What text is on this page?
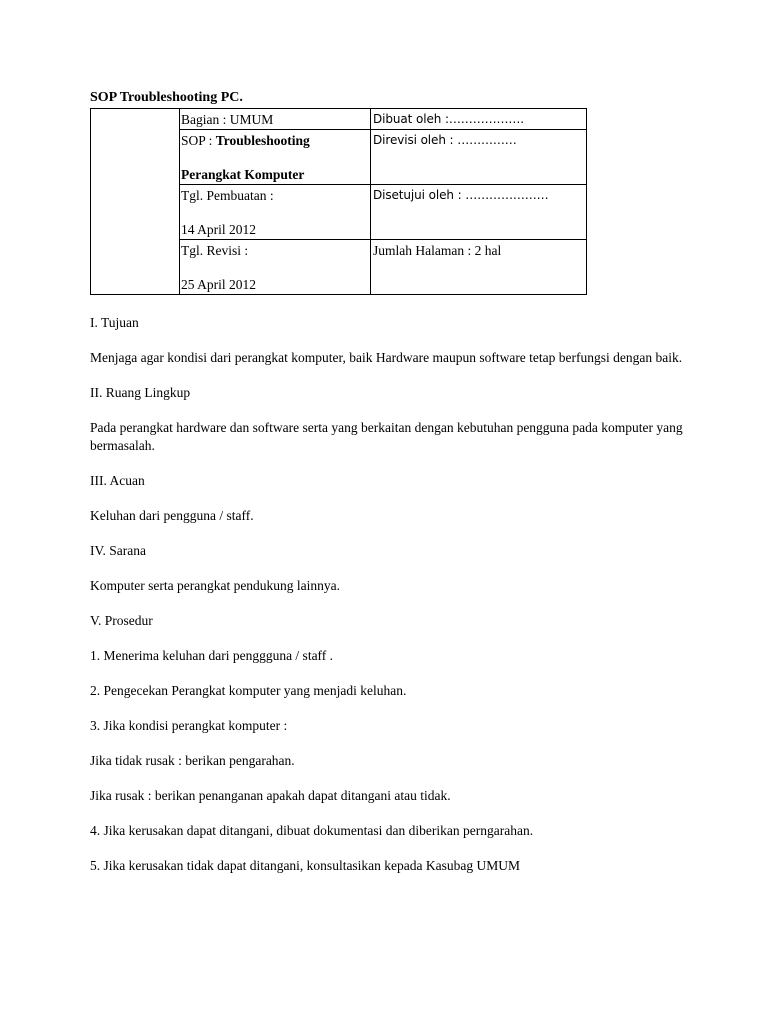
SOP Troubleshooting PC.
Bagian : UMUM	Dibuat oleh :……………….
SOP : Troubleshooting
Perangkat Komputer
Direvisi oleh : ……………
Tgl. Pembuatan :
14 April 2012
Disetujui oleh : …………………
Tgl. Revisi :
25 April 2012
Jumlah Halaman : 2 hal

I. Tujuan

Menjaga agar kondisi dari perangkat komputer, baik Hardware maupun software tetap berfungsi dengan baik.

II. Ruang Lingkup

Pada perangkat hardware dan software serta yang berkaitan dengan kebutuhan pengguna pada komputer yang bermasalah.

III. Acuan

Keluhan dari pengguna / staff.

IV. Sarana

Komputer serta perangkat pendukung lainnya.

V. Prosedur

1. Menerima keluhan dari penggguna / staff .

2. Pengecekan Perangkat komputer yang menjadi keluhan.

3. Jika kondisi perangkat komputer :

Jika tidak rusak : berikan pengarahan.

Jika rusak : berikan penanganan apakah dapat ditangani atau tidak.

4. Jika kerusakan dapat ditangani, dibuat dokumentasi dan diberikan perngarahan.

5. Jika kerusakan tidak dapat ditangani, konsultasikan kepada Kasubag UMUM
